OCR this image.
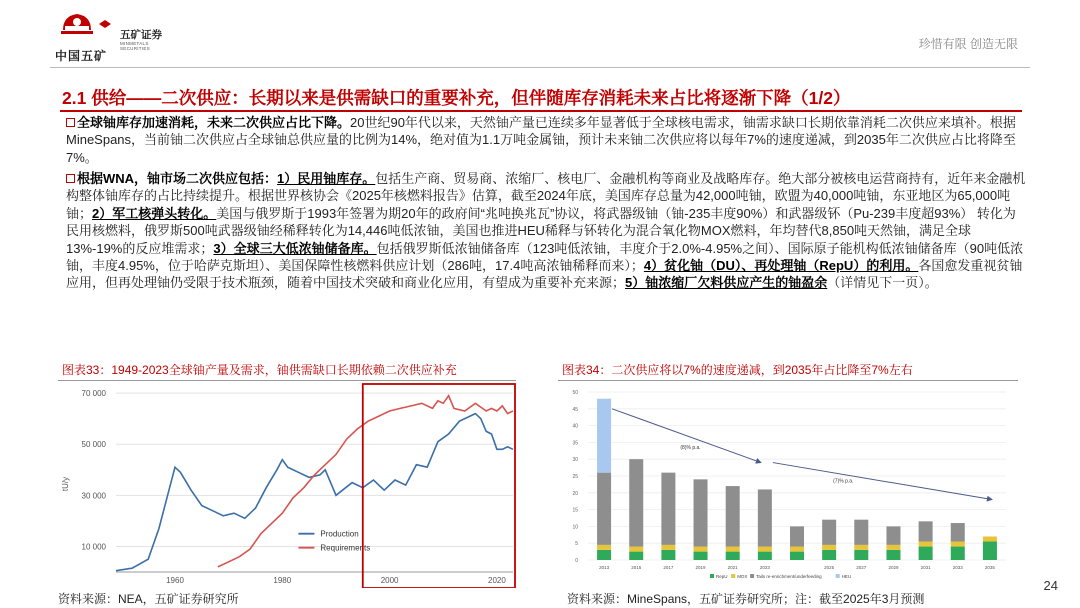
中国五矿
五矿证券
MINMETALS SECURITIES	珍惜有限 创造无限
2.1 供给——二次供应：长期以来是供需缺口的重要补充，但伴随库存消耗未来占比将逐渐下降（1/2）

全球铀库存加速消耗，未来二次供应占比下降。20世纪90年代以来，天然铀产量已连续多年显著低于全球核电需求，铀需求缺口长期依靠消耗二次供应来填补。根据MineSpans，当前铀二次供应占全球铀总供应量的比例为14%，绝对值为1.1万吨金属铀，预计未来铀二次供应将以每年7%的速度递减，到2035年二次供应占比将降至7%。

根据WNA，铀市场二次供应包括：1）民用铀库存。包括生产商、贸易商、浓缩厂、核电厂、金融机构等商业及战略库存。绝大部分被核电运营商持有，近年来金融机构整体铀库存的占比持续提升。根据世界核协会《2025年核燃料报告》估算，截至2024年底，美国库存总量为42,000吨铀，欧盟为40,000吨铀，东亚地区为65,000吨铀；2）军工核弹头转化。美国与俄罗斯于1993年签署为期20年的政府间“兆吨换兆瓦”协议，将武器级铀（铀-235丰度90%）和武器级钚（Pu-239丰度超93%） 转化为民用核燃料，俄罗斯500吨武器级铀经稀释转化为14,446吨低浓铀，美国也推进HEU稀释与钚转化为混合氧化物MOX燃料，年均替代8,850吨天然铀，满足全球13%-19%的反应堆需求；3）全球三大低浓铀储备库。包括俄罗斯低浓铀储备库（123吨低浓铀，丰度介于2.0%-4.95%之间）、国际原子能机构低浓铀储备库（90吨低浓铀，丰度4.95%，位于哈萨克斯坦）、美国保障性核燃料供应计划（286吨，17.4吨高浓铀稀释而来）；4）贫化铀（DU）、再处理铀（RepU）的利用。各国愈发重视贫铀应用，但再处理铀仍受限于技术瓶颈，随着中国技术突破和商业化应用，有望成为重要补充来源；5）铀浓缩厂欠料供应产生的铀盈余（详情见下一页）。

图表33：1949-2023全球铀产量及需求，铀供需缺口长期依赖二次供应补充	图表34：二次供应将以7%的速度递减，到2035年占比降至7%左右
10 000
30 000
50 000
70 000
1960	1980	2000	2020
tU/y
Production
Requirements
0
5
10
15
20
25
30
35
40
45
50
2013	2015	2017	2019	2021	2023	2025	2027	2029	2031	2033	2035
(8)% p.a.
(7)% p.a.
RepU MOX Tails re-enrichment/underfeeding	HEU
资料来源：NEA，五矿证券研究所	资料来源：MineSpans，五矿证券研究所；注：截至2025年3月预测
24
